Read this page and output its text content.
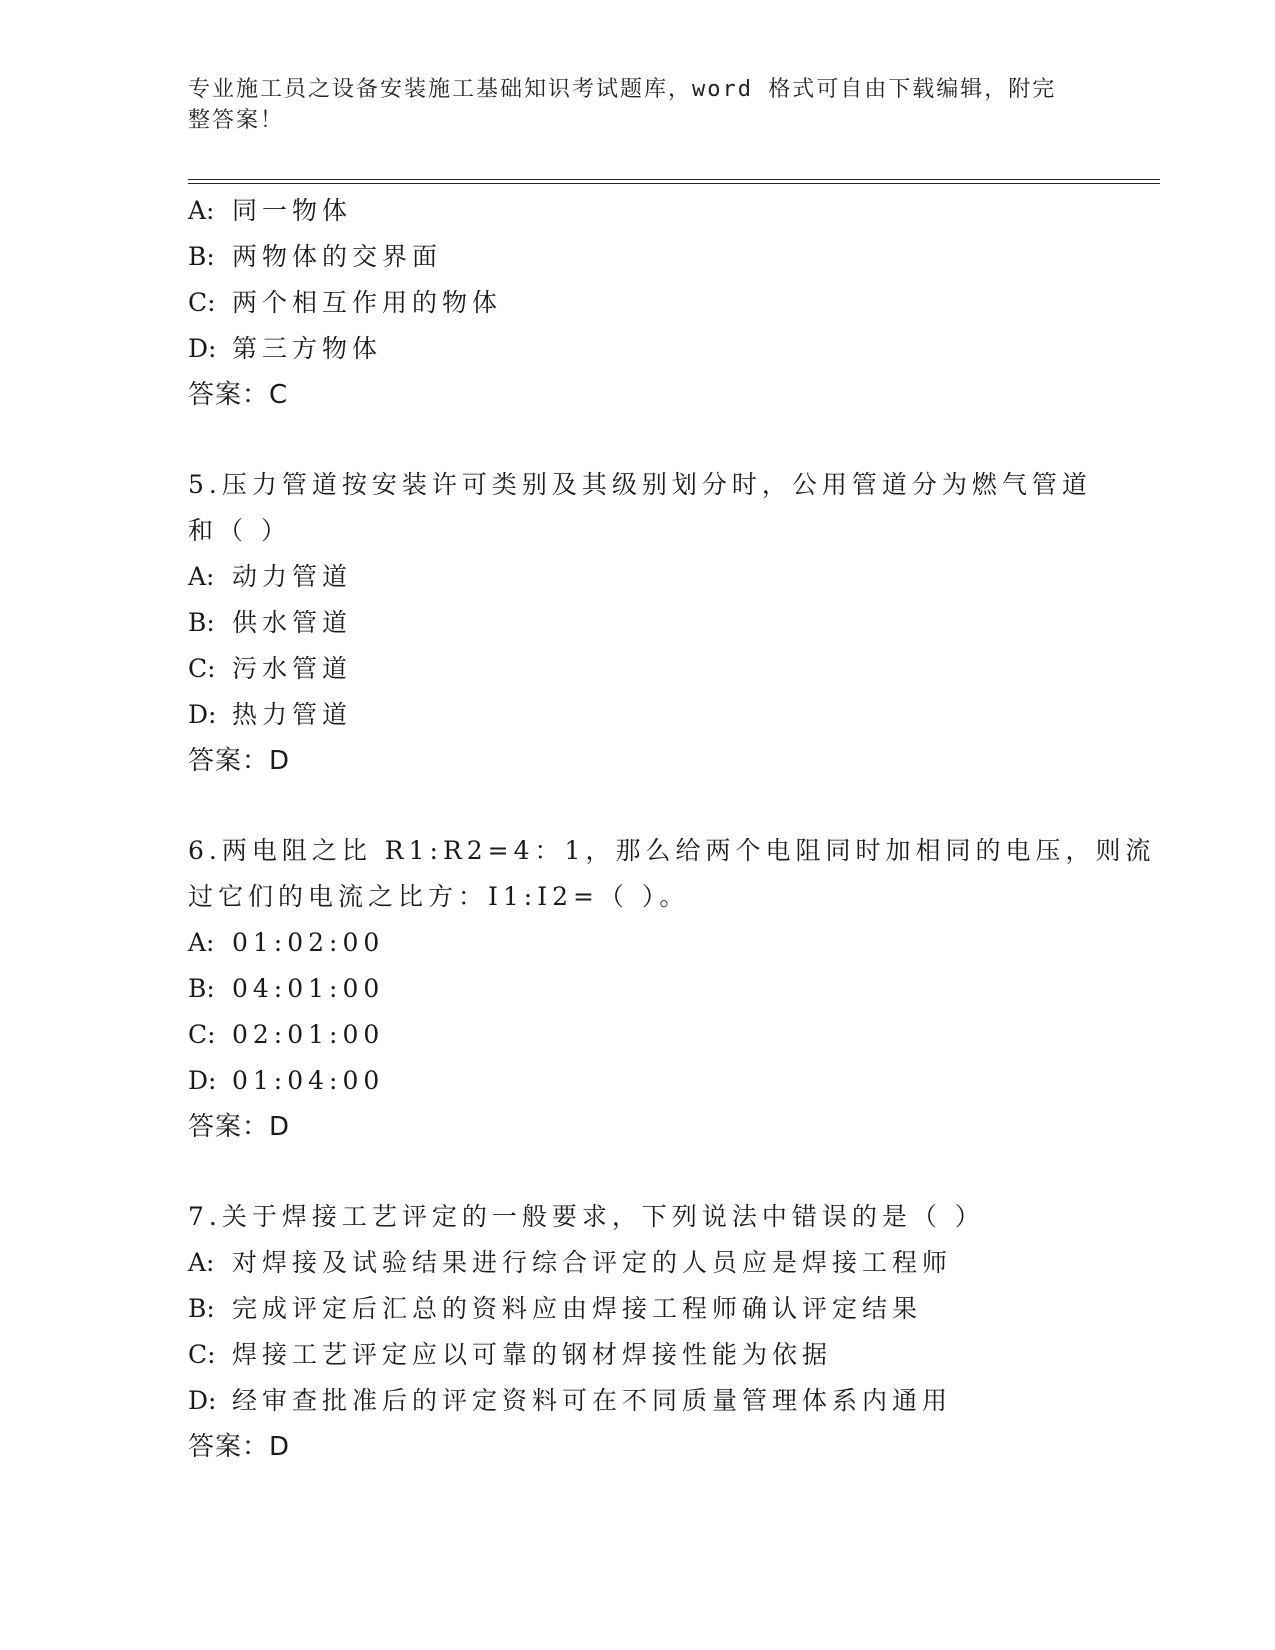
专业施工员之设备安装施工基础知识考试题库，word 格式可自由下载编辑，附完
整答案！
A: 同一物体
B: 两物体的交界面
C: 两个相互作用的物体
D: 第三方物体
答案：C
5.压力管道按安装许可类别及其级别划分时，公用管道分为燃气管道
和（ ）
A: 动力管道
B: 供水管道
C: 污水管道
D: 热力管道
答案：D
6.两电阻之比 R1:R2=4：1，那么给两个电阻同时加相同的电压，则流
过它们的电流之比方：I1:I2=（ ）。
A: 01:02:00
B: 04:01:00
C: 02:01:00
D: 01:04:00
答案：D
7.关于焊接工艺评定的一般要求，下列说法中错误的是（ ）
A: 对焊接及试验结果进行综合评定的人员应是焊接工程师
B: 完成评定后汇总的资料应由焊接工程师确认评定结果
C: 焊接工艺评定应以可靠的钢材焊接性能为依据
D: 经审查批准后的评定资料可在不同质量管理体系内通用
答案：D
